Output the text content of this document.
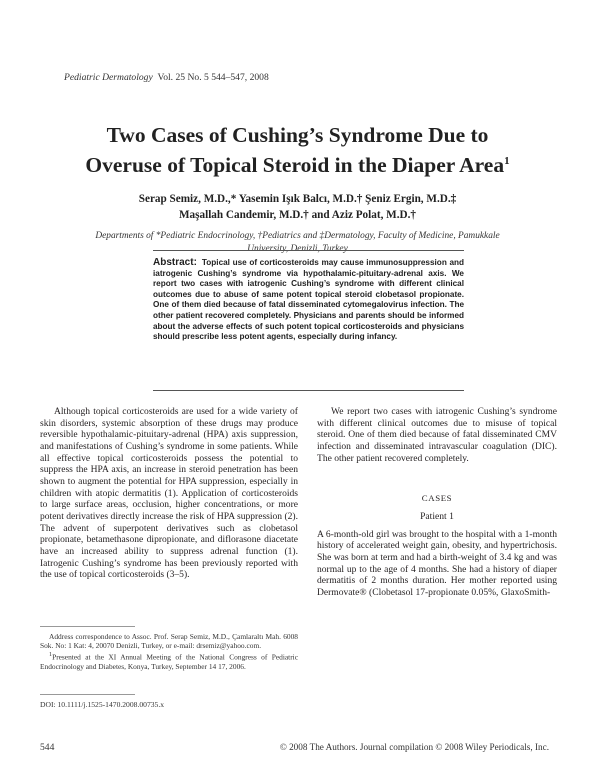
Pediatric Dermatology Vol. 25 No. 5 544–547, 2008
Two Cases of Cushing’s Syndrome Due to
Overuse of Topical Steroid in the Diaper Area$^1$
Serap Semiz, M.D.,* Yasemin Işık Balcı, M.D.† Şeniz Ergin, M.D.‡
Maşallah Candemir, M.D.† and Aziz Polat, M.D.†
Departments of *Pediatric Endocrinology, †Pediatrics and ‡Dermatology, Faculty of Medicine, Pamukkale
University, Denizli, Turkey
Abstract: Topical use of corticosteroids may cause immunosuppression and iatrogenic Cushing’s syndrome via hypothalamic-pituitary-adrenal axis. We report two cases with iatrogenic Cushing’s syndrome with different clinical outcomes due to abuse of same potent topical steroid clobetasol propionate. One of them died because of fatal disseminated cytomegalovirus infection. The other patient recovered completely. Physicians and parents should be informed about the adverse effects of such potent topical corticosteroids and physicians should prescribe less potent agents, especially during infancy.

Although topical corticosteroids are used for a wide variety of skin disorders, systemic absorption of these drugs may produce reversible hypothalamic-pituitary-adrenal (HPA) axis suppression, and manifestations of Cushing’s syndrome in some patients. While all effective topical corticosteroids possess the potential to suppress the HPA axis, an increase in steroid penetration has been shown to augment the potential for HPA suppression, especially in children with atopic dermatitis (1). Application of corticosteroids to large surface areas, occlusion, higher concentrations, or more potent derivatives directly increase the risk of HPA suppression (2). The advent of superpotent derivatives such as clobetasol propionate, betamethasone dipropionate, and diflorasone diacetate have an increased ability to suppress adrenal function (1). Iatrogenic Cushing’s syndrome has been previously reported with the use of topical corticosteroids (3–5).

Address correspondence to Assoc. Prof. Serap Semiz, M.D., Çamlaraltı Mah. 6008 Sok. No: 1 Kat: 4, 20070 Denizli, Turkey, or e-mail: drsemiz@yahoo.com.

$^1$Presented at the XI Annual Meeting of the National Congress of Pediatric Endocrinology and Diabetes, Konya, Turkey, September 14 17, 2006.

DOI: 10.1111/j.1525-1470.2008.00735.x

We report two cases with iatrogenic Cushing’s syndrome with different clinical outcomes due to misuse of topical steroid. One of them died because of fatal disseminated CMV infection and disseminated intravascular coagulation (DIC). The other patient recovered completely.

CASES

Patient 1

A 6-month-old girl was brought to the hospital with a 1-month history of accelerated weight gain, obesity, and hypertrichosis. She was born at term and had a birth-weight of 3.4 kg and was normal up to the age of 4 months. She had a history of diaper dermatitis of 2 months duration. Her mother reported using Dermovate® (Clobetasol 17-propionate 0.05%, GlaxoSmith-

544	© 2008 The Authors. Journal compilation © 2008 Wiley Periodicals, Inc.
